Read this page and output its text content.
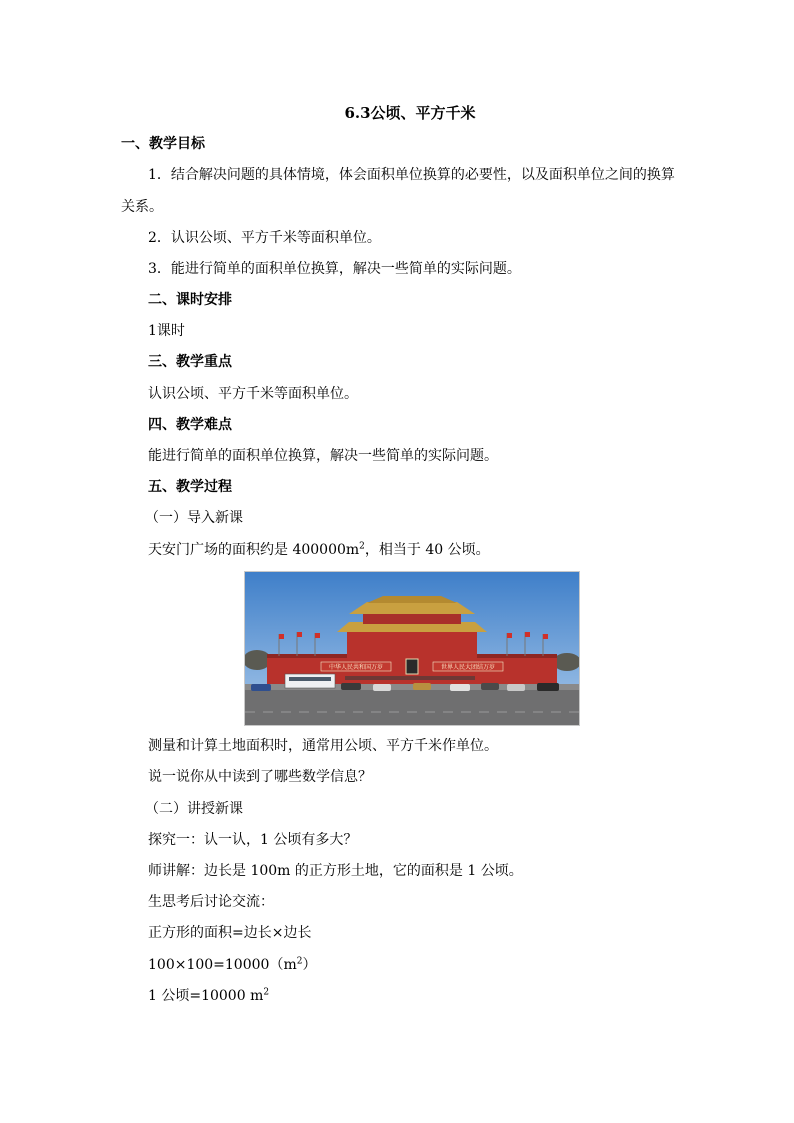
6.3公顷、平方千米
一、教学目标
1．结合解决问题的具体情境，体会面积单位换算的必要性，以及面积单位之间的换算
关系。
2．认识公顷、平方千米等面积单位。
3．能进行简单的面积单位换算，解决一些简单的实际问题。
二、课时安排
1课时
三、教学重点
认识公顷、平方千米等面积单位。
四、教学难点
能进行简单的面积单位换算，解决一些简单的实际问题。
五、教学过程
（一）导入新课
天安门广场的面积约是 $400000m^2$，相当于 40 公顷。
中华人民共和国万岁	世界人民大团结万岁
测量和计算土地面积时，通常用公顷、平方千米作单位。
说一说你从中读到了哪些数学信息？
（二）讲授新课
探究一：认一认，1 公顷有多大？
师讲解：边长是 100m 的正方形土地，它的面积是 1 公顷。
生思考后讨论交流：
正方形的面积=边长×边长
$100\times 100=10000(m^2)$
1 公顷=10000 $m^2$
